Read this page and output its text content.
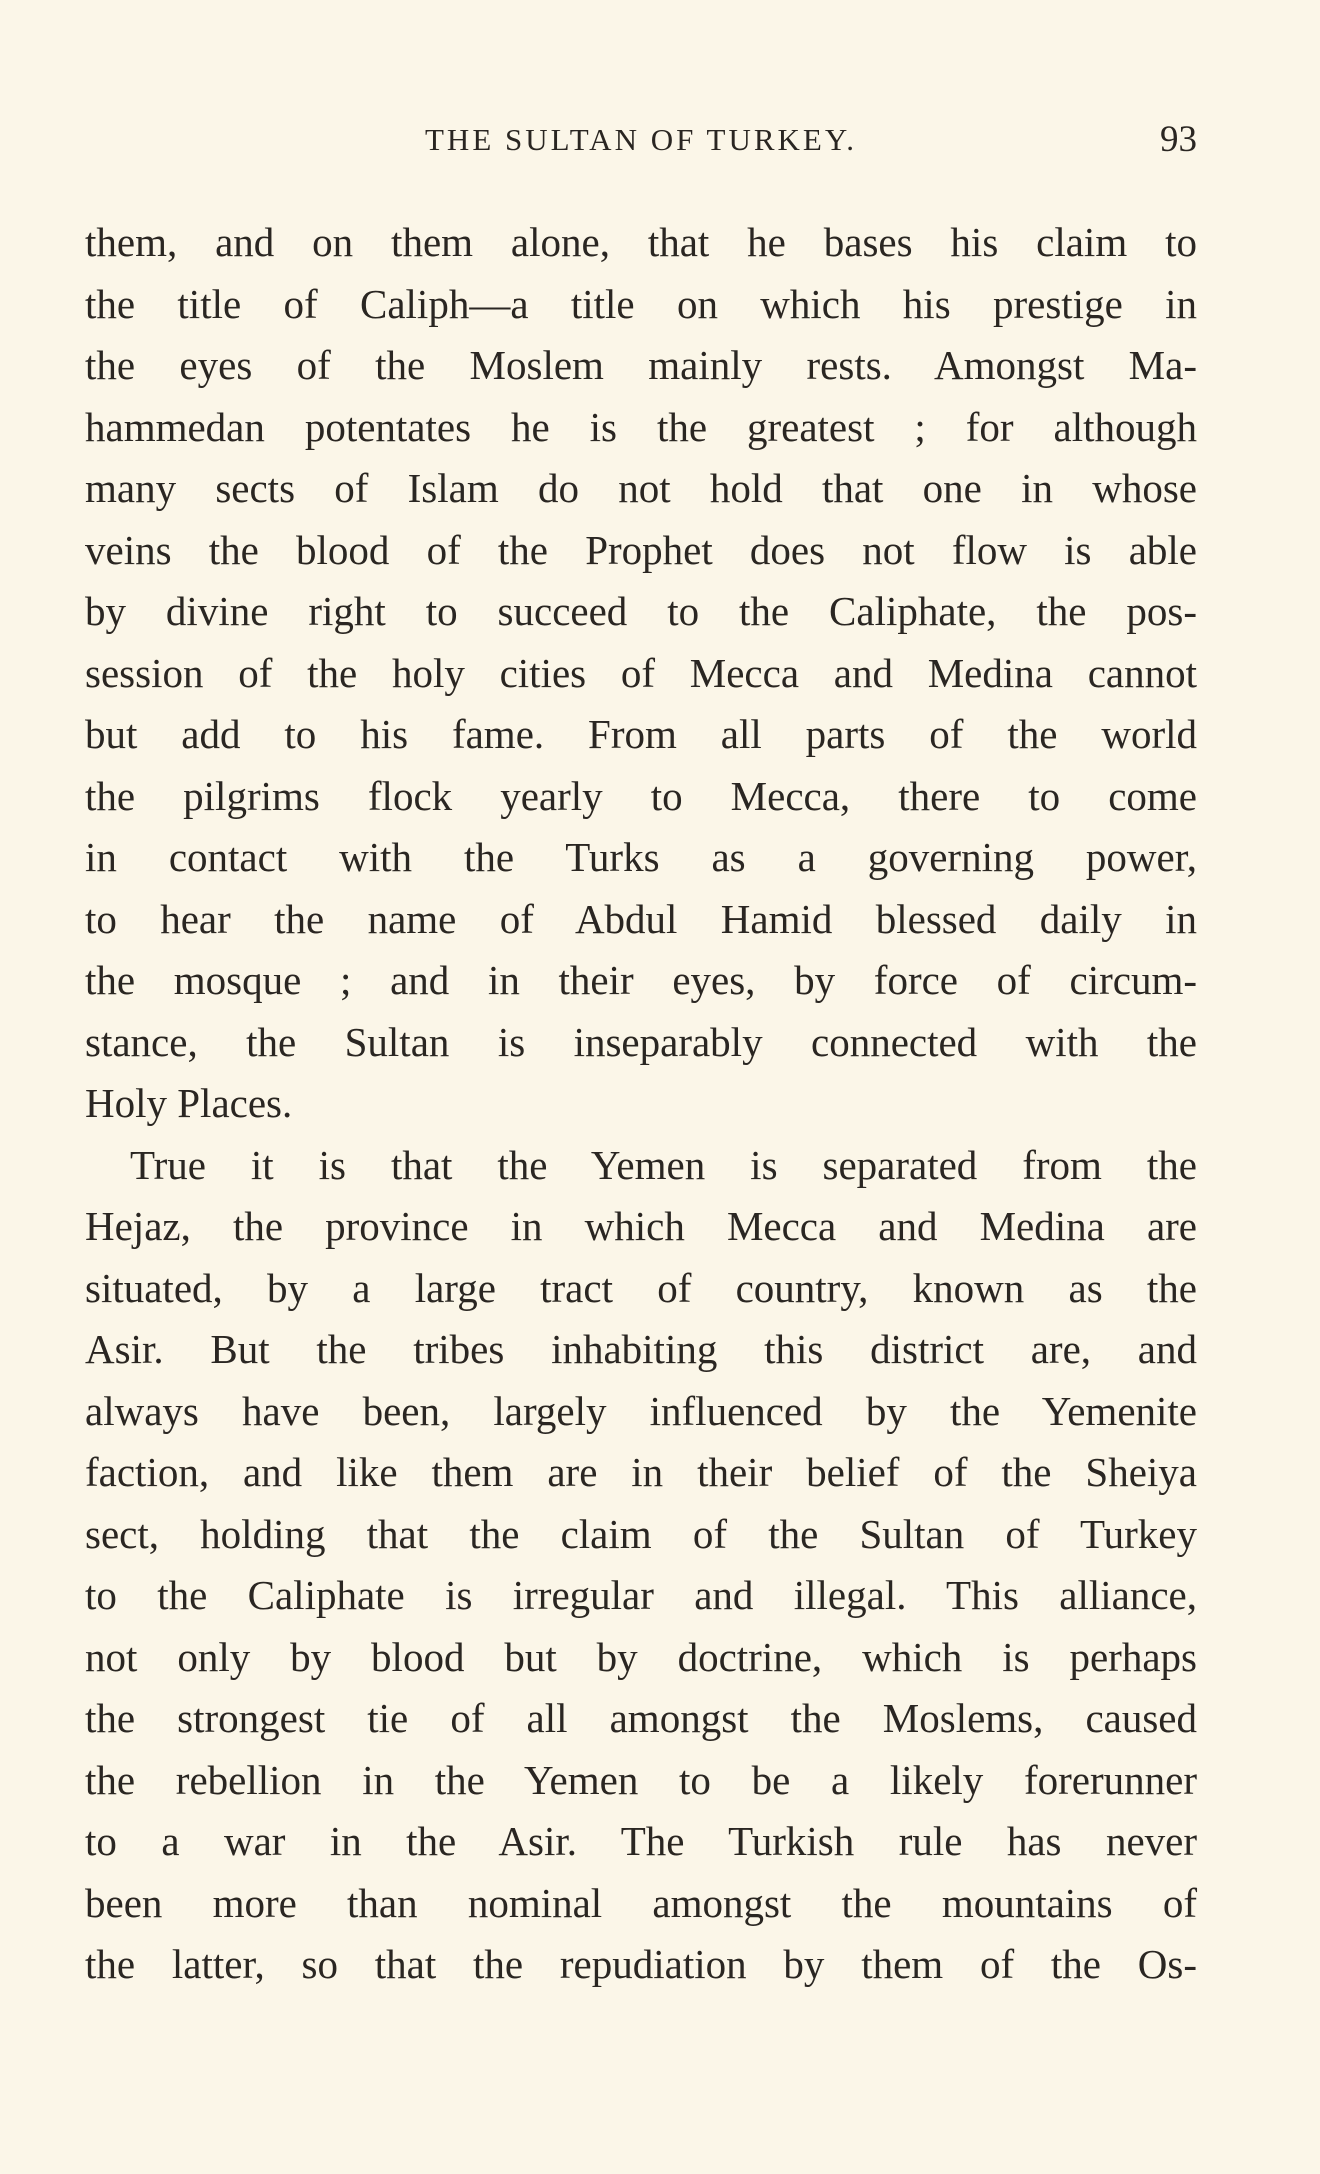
THE SULTAN OF TURKEY.	93
them, and on them alone, that he bases his claim to
the title of Caliph—a title on which his prestige in
the eyes of the Moslem mainly rests. Amongst Ma-
hammedan potentates he is the greatest ; for although
many sects of Islam do not hold that one in whose
veins the blood of the Prophet does not flow is able
by divine right to succeed to the Caliphate, the pos-
session of the holy cities of Mecca and Medina cannot
but add to his fame. From all parts of the world
the pilgrims flock yearly to Mecca, there to come
in contact with the Turks as a governing power,
to hear the name of Abdul Hamid blessed daily in
the mosque ; and in their eyes, by force of circum-
stance, the Sultan is inseparably connected with the
Holy Places.
True it is that the Yemen is separated from the
Hejaz, the province in which Mecca and Medina are
situated, by a large tract of country, known as the
Asir. But the tribes inhabiting this district are, and
always have been, largely influenced by the Yemenite
faction, and like them are in their belief of the Sheiya
sect, holding that the claim of the Sultan of Turkey
to the Caliphate is irregular and illegal. This alliance,
not only by blood but by doctrine, which is perhaps
the strongest tie of all amongst the Moslems, caused
the rebellion in the Yemen to be a likely forerunner
to a war in the Asir. The Turkish rule has never
been more than nominal amongst the mountains of
the latter, so that the repudiation by them of the Os-
